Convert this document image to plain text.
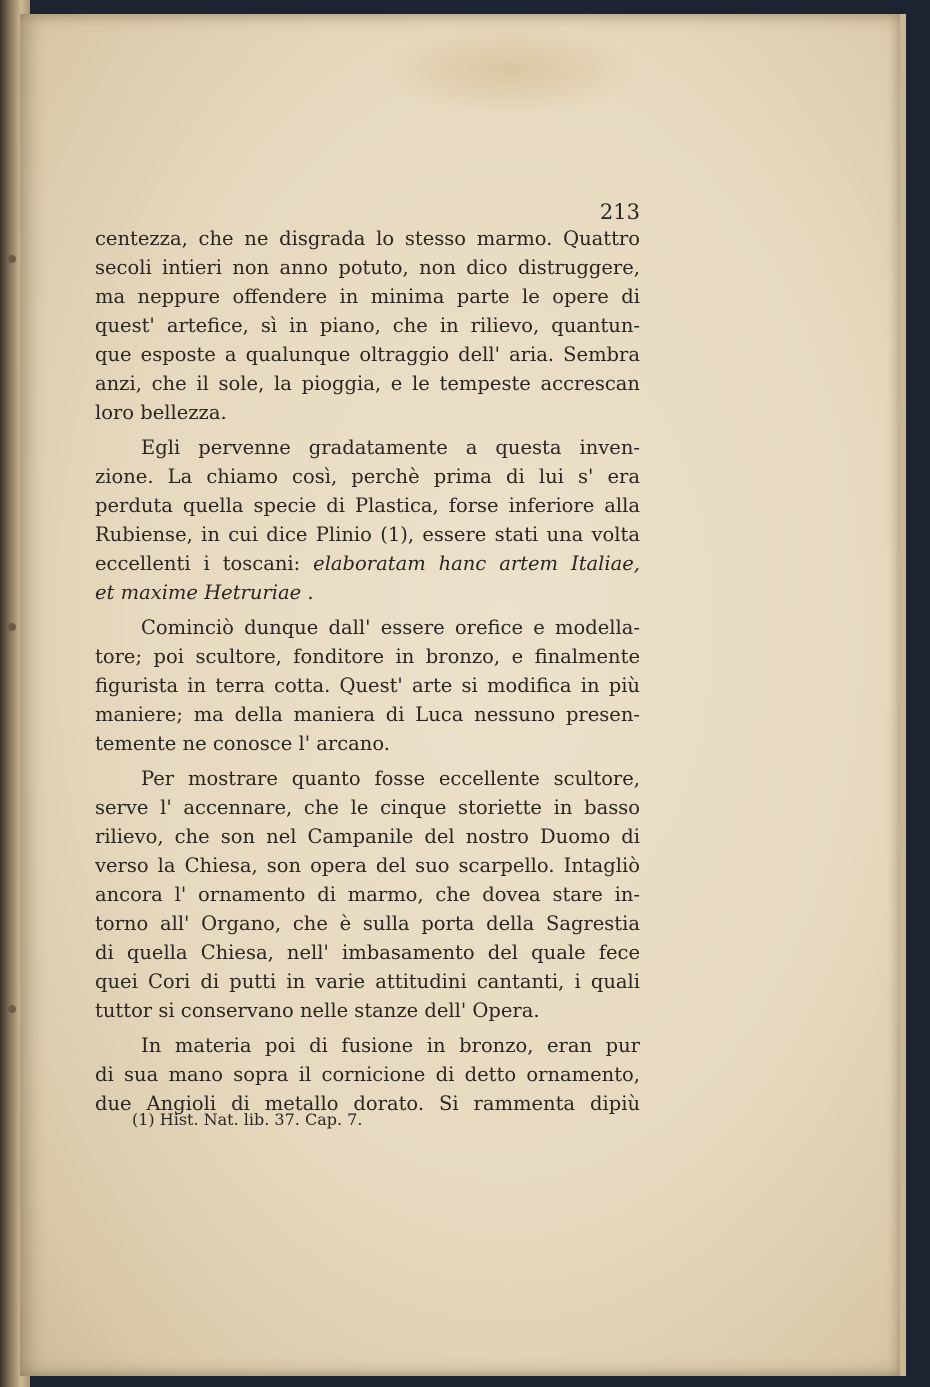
213

centezza, che ne disgrada lo stesso marmo. Quattro
secoli intieri non anno potuto, non dico distruggere,
ma neppure offendere in minima parte le opere di
quest' artefice, sì in piano, che in rilievo, quantun-
que esposte a qualunque oltraggio dell' aria. Sembra
anzi, che il sole, la pioggia, e le tempeste accrescan
loro bellezza.
Egli pervenne gradatamente a questa inven-
zione. La chiamo così, perchè prima di lui s' era
perduta quella specie di Plastica, forse inferiore alla
Rubiense, in cui dice Plinio (1), essere stati una volta
eccellenti i toscani: elaboratam hanc artem Italiae,
et maxime Hetruriae .
Cominciò dunque dall' essere orefice e modella-
tore; poi scultore, fonditore in bronzo, e finalmente
figurista in terra cotta. Quest' arte si modifica in più
maniere; ma della maniera di Luca nessuno presen-
temente ne conosce l' arcano.
Per mostrare quanto fosse eccellente scultore,
serve l' accennare, che le cinque storiette in basso
rilievo, che son nel Campanile del nostro Duomo di
verso la Chiesa, son opera del suo scarpello. Intagliò
ancora l' ornamento di marmo, che dovea stare in-
torno all' Organo, che è sulla porta della Sagrestia
di quella Chiesa, nell' imbasamento del quale fece
quei Cori di putti in varie attitudini cantanti, i quali
tuttor si conservano nelle stanze dell' Opera.
In materia poi di fusione in bronzo, eran pur
di sua mano sopra il cornicione di detto ornamento,
due Angioli di metallo dorato. Si rammenta dipiù
(1) Hist. Nat. lib. 37. Cap. 7.
